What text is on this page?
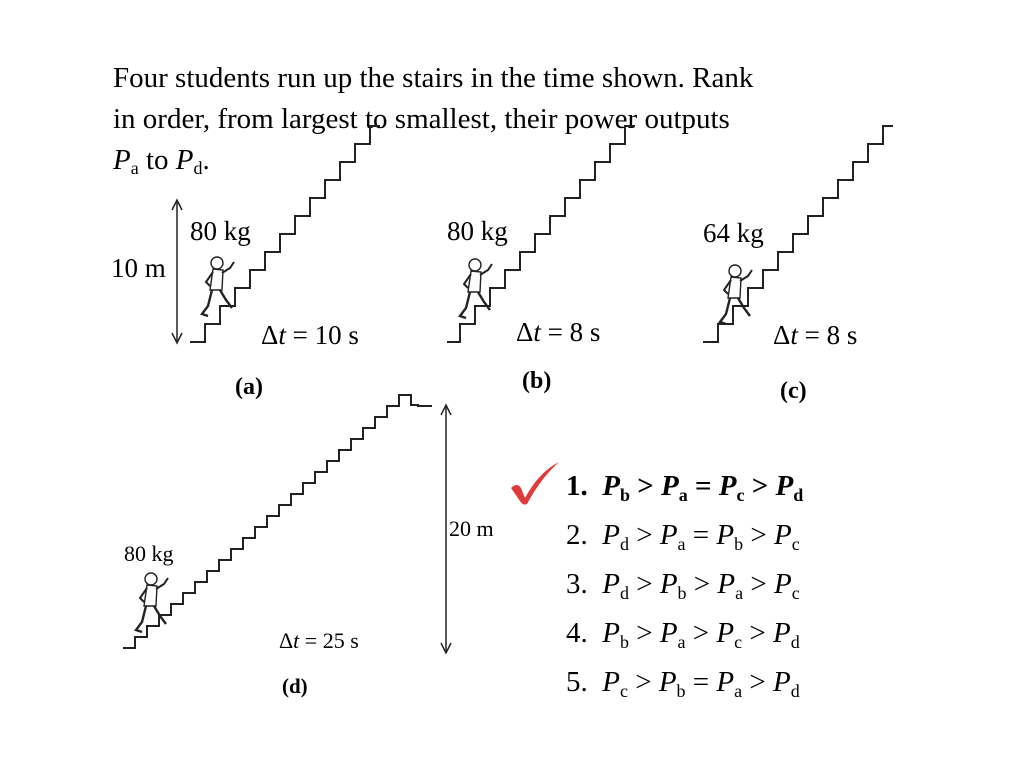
Four students run up the stairs in the time shown. Rank
in order, from largest to smallest, their power outputs
$P_a$ to $P_d$.
80 kg
10 m
Δt = 10 s
(a)
80 kg
Δt = 8 s
(b)
64 kg
Δt = 8 s
(c)
80 kg
20 m
Δt = 25 s
(d)
1. $P_b > P_a = P_c > P_d$
2. $P_d > P_a = P_b > P_c$
3. $P_d > P_b > P_a > P_c$
4. $P_b > P_a > P_c > P_d$
5. $P_c > P_b = P_a > P_d$
